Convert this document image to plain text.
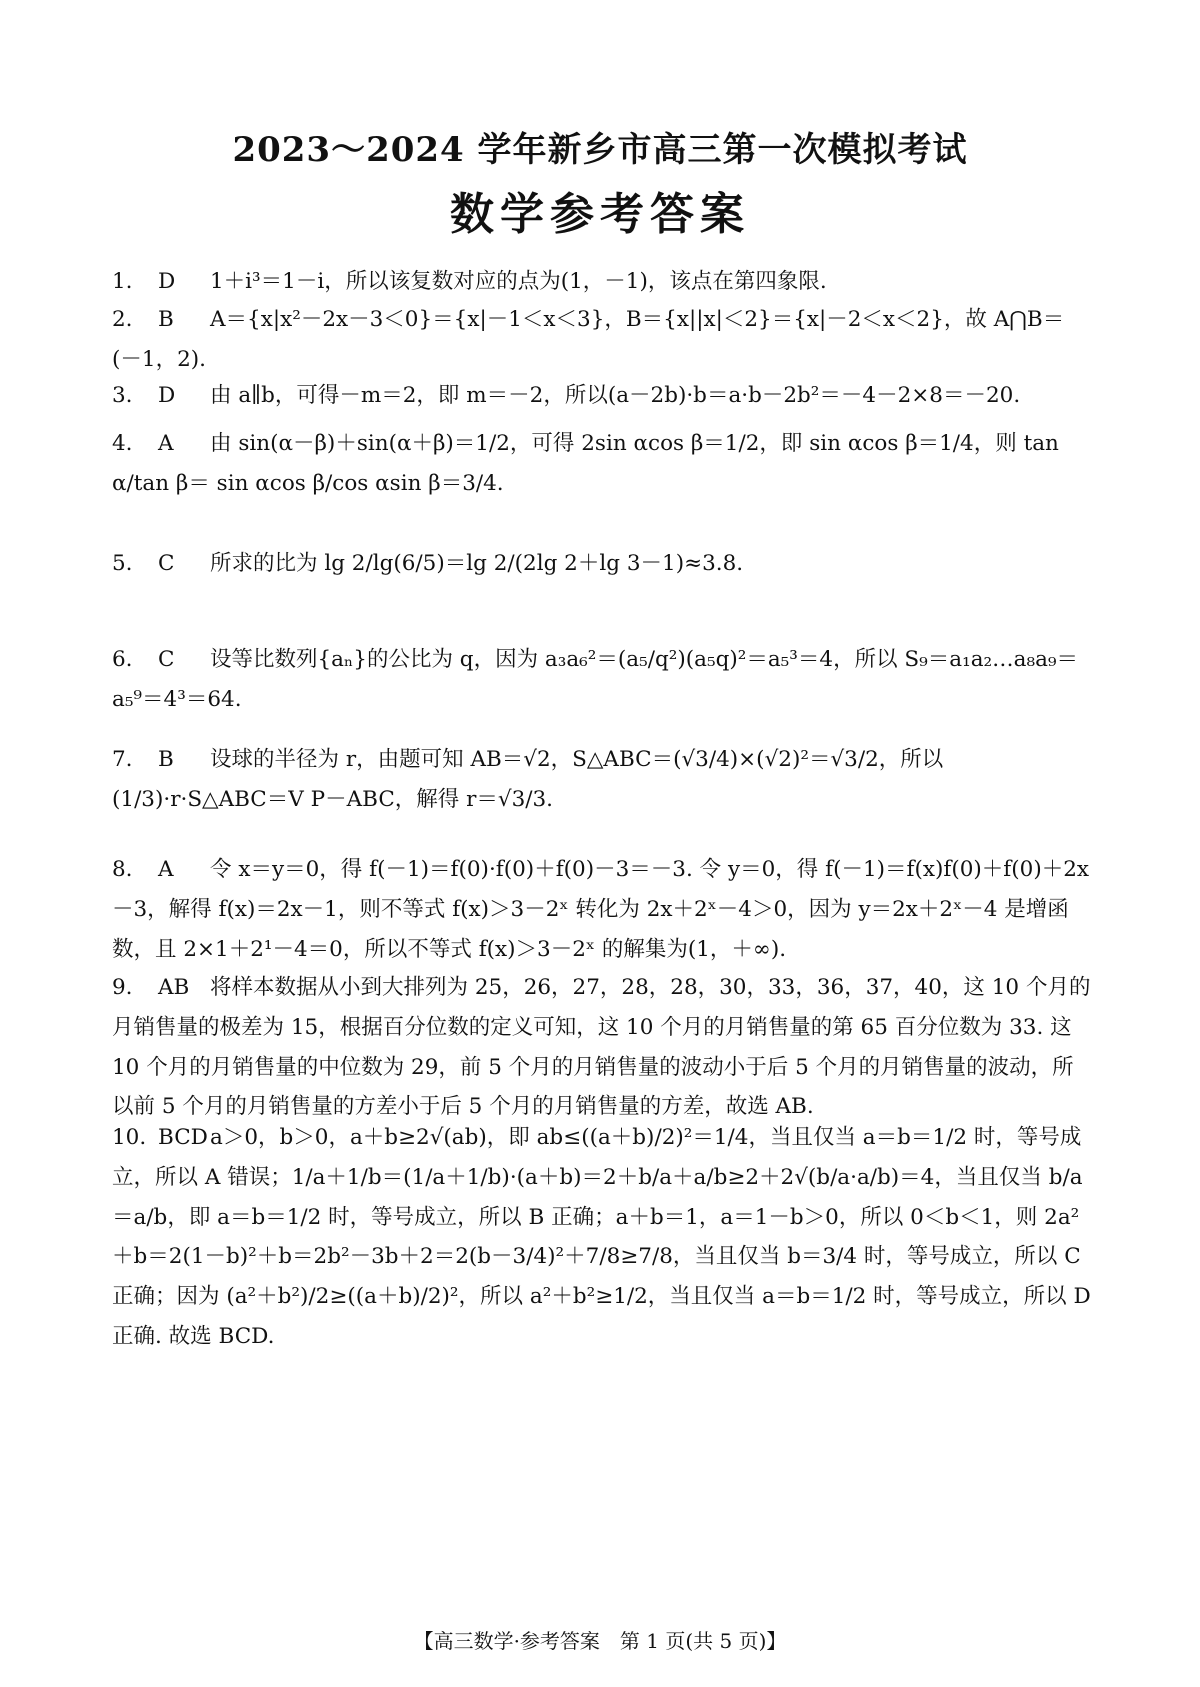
2023～2024 学年新乡市高三第一次模拟考试
数学参考答案
1. D 1＋i³＝1－i，所以该复数对应的点为(1，－1)，该点在第四象限.
2. B A＝{x|x²－2x－3＜0}＝{x|－1＜x＜3}，B＝{x||x|＜2}＝{x|－2＜x＜2}，故 A⋂B＝(－1，2).
3. D 由 a∥b，可得－m＝2，即 m＝－2，所以(a－2b)·b＝a·b－2b²＝－4－2×8＝－20.
4. A 由 sin(α－β)＋sin(α＋β)＝1/2，可得 2sin αcos β＝1/2，即 sin αcos β＝1/4，则 tan α/tan β＝ sin αcos β/cos αsin β＝3/4.
5. C 所求的比为 lg 2/lg(6/5)＝lg 2/(2lg 2＋lg 3－1)≈3.8.
6. C 设等比数列{aₙ}的公比为 q，因为 a₃a₆²＝(a₅/q²)(a₅q)²＝a₅³＝4，所以 S₉＝a₁a₂…a₈a₉＝a₅⁹＝4³＝64.
7. B 设球的半径为 r，由题可知 AB＝√2，S△ABC＝(√3/4)×(√2)²＝√3/2，所以 (1/3)·r·S△ABC＝V P－ABC，解得 r＝√3/3.
8. A 令 x＝y＝0，得 f(－1)＝f(0)·f(0)＋f(0)－3＝－3. 令 y＝0，得 f(－1)＝f(x)f(0)＋f(0)＋2x－3，解得 f(x)＝2x－1，则不等式 f(x)＞3－2ˣ 转化为 2x＋2ˣ－4＞0，因为 y＝2x＋2ˣ－4 是增函数，且 2×1＋2¹－4＝0，所以不等式 f(x)＞3－2ˣ 的解集为(1，＋∞).
9. AB 将样本数据从小到大排列为 25，26，27，28，28，30，33，36，37，40，这 10 个月的月销售量的极差为 15，根据百分位数的定义可知，这 10 个月的月销售量的第 65 百分位数为 33. 这 10 个月的月销售量的中位数为 29，前 5 个月的月销售量的波动小于后 5 个月的月销售量的波动，所以前 5 个月的月销售量的方差小于后 5 个月的月销售量的方差，故选 AB.
10. BCDa＞0，b＞0，a＋b≥2√(ab)，即 ab≤((a＋b)/2)²＝1/4，当且仅当 a＝b＝1/2 时，等号成立，所以 A 错误；1/a＋1/b＝(1/a＋1/b)·(a＋b)＝2＋b/a＋a/b≥2＋2√(b/a·a/b)＝4，当且仅当 b/a＝a/b，即 a＝b＝1/2 时，等号成立，所以 B 正确；a＋b＝1，a＝1－b＞0，所以 0＜b＜1，则 2a²＋b＝2(1－b)²＋b＝2b²－3b＋2＝2(b－3/4)²＋7/8≥7/8，当且仅当 b＝3/4 时，等号成立，所以 C 正确；因为 (a²＋b²)/2≥((a＋b)/2)²，所以 a²＋b²≥1/2，当且仅当 a＝b＝1/2 时，等号成立，所以 D 正确. 故选 BCD.
【高三数学·参考答案　第 1 页(共 5 页)】
